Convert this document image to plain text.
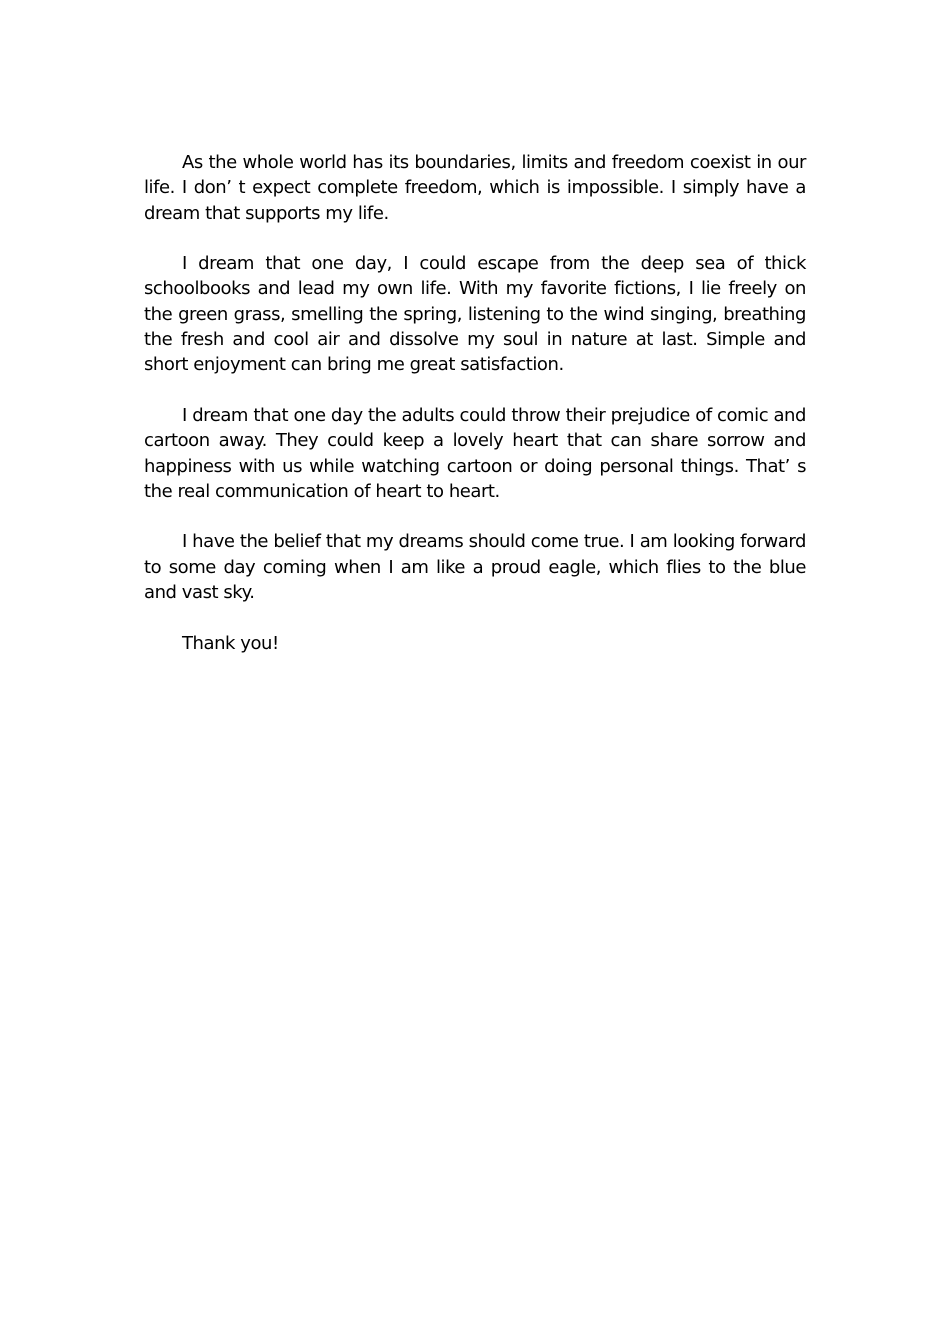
As the whole world has its boundaries, limits and freedom coexist in our life. I don’ t expect complete freedom, which is impossible. I simply have a dream that supports my life.

I dream that one day, I could escape from the deep sea of thick schoolbooks and lead my own life. With my favorite fictions, I lie freely on the green grass, smelling the spring, listening to the wind singing, breathing the fresh and cool air and dissolve my soul in nature at last. Simple and short enjoyment can bring me great satisfaction.

I dream that one day the adults could throw their prejudice of comic and cartoon away. They could keep a lovely heart that can share sorrow and happiness with us while watching cartoon or doing personal things. That’ s the real communication of heart to heart.

I have the belief that my dreams should come true. I am looking forward to some day coming when I am like a proud eagle, which flies to the blue and vast sky.

Thank you!
